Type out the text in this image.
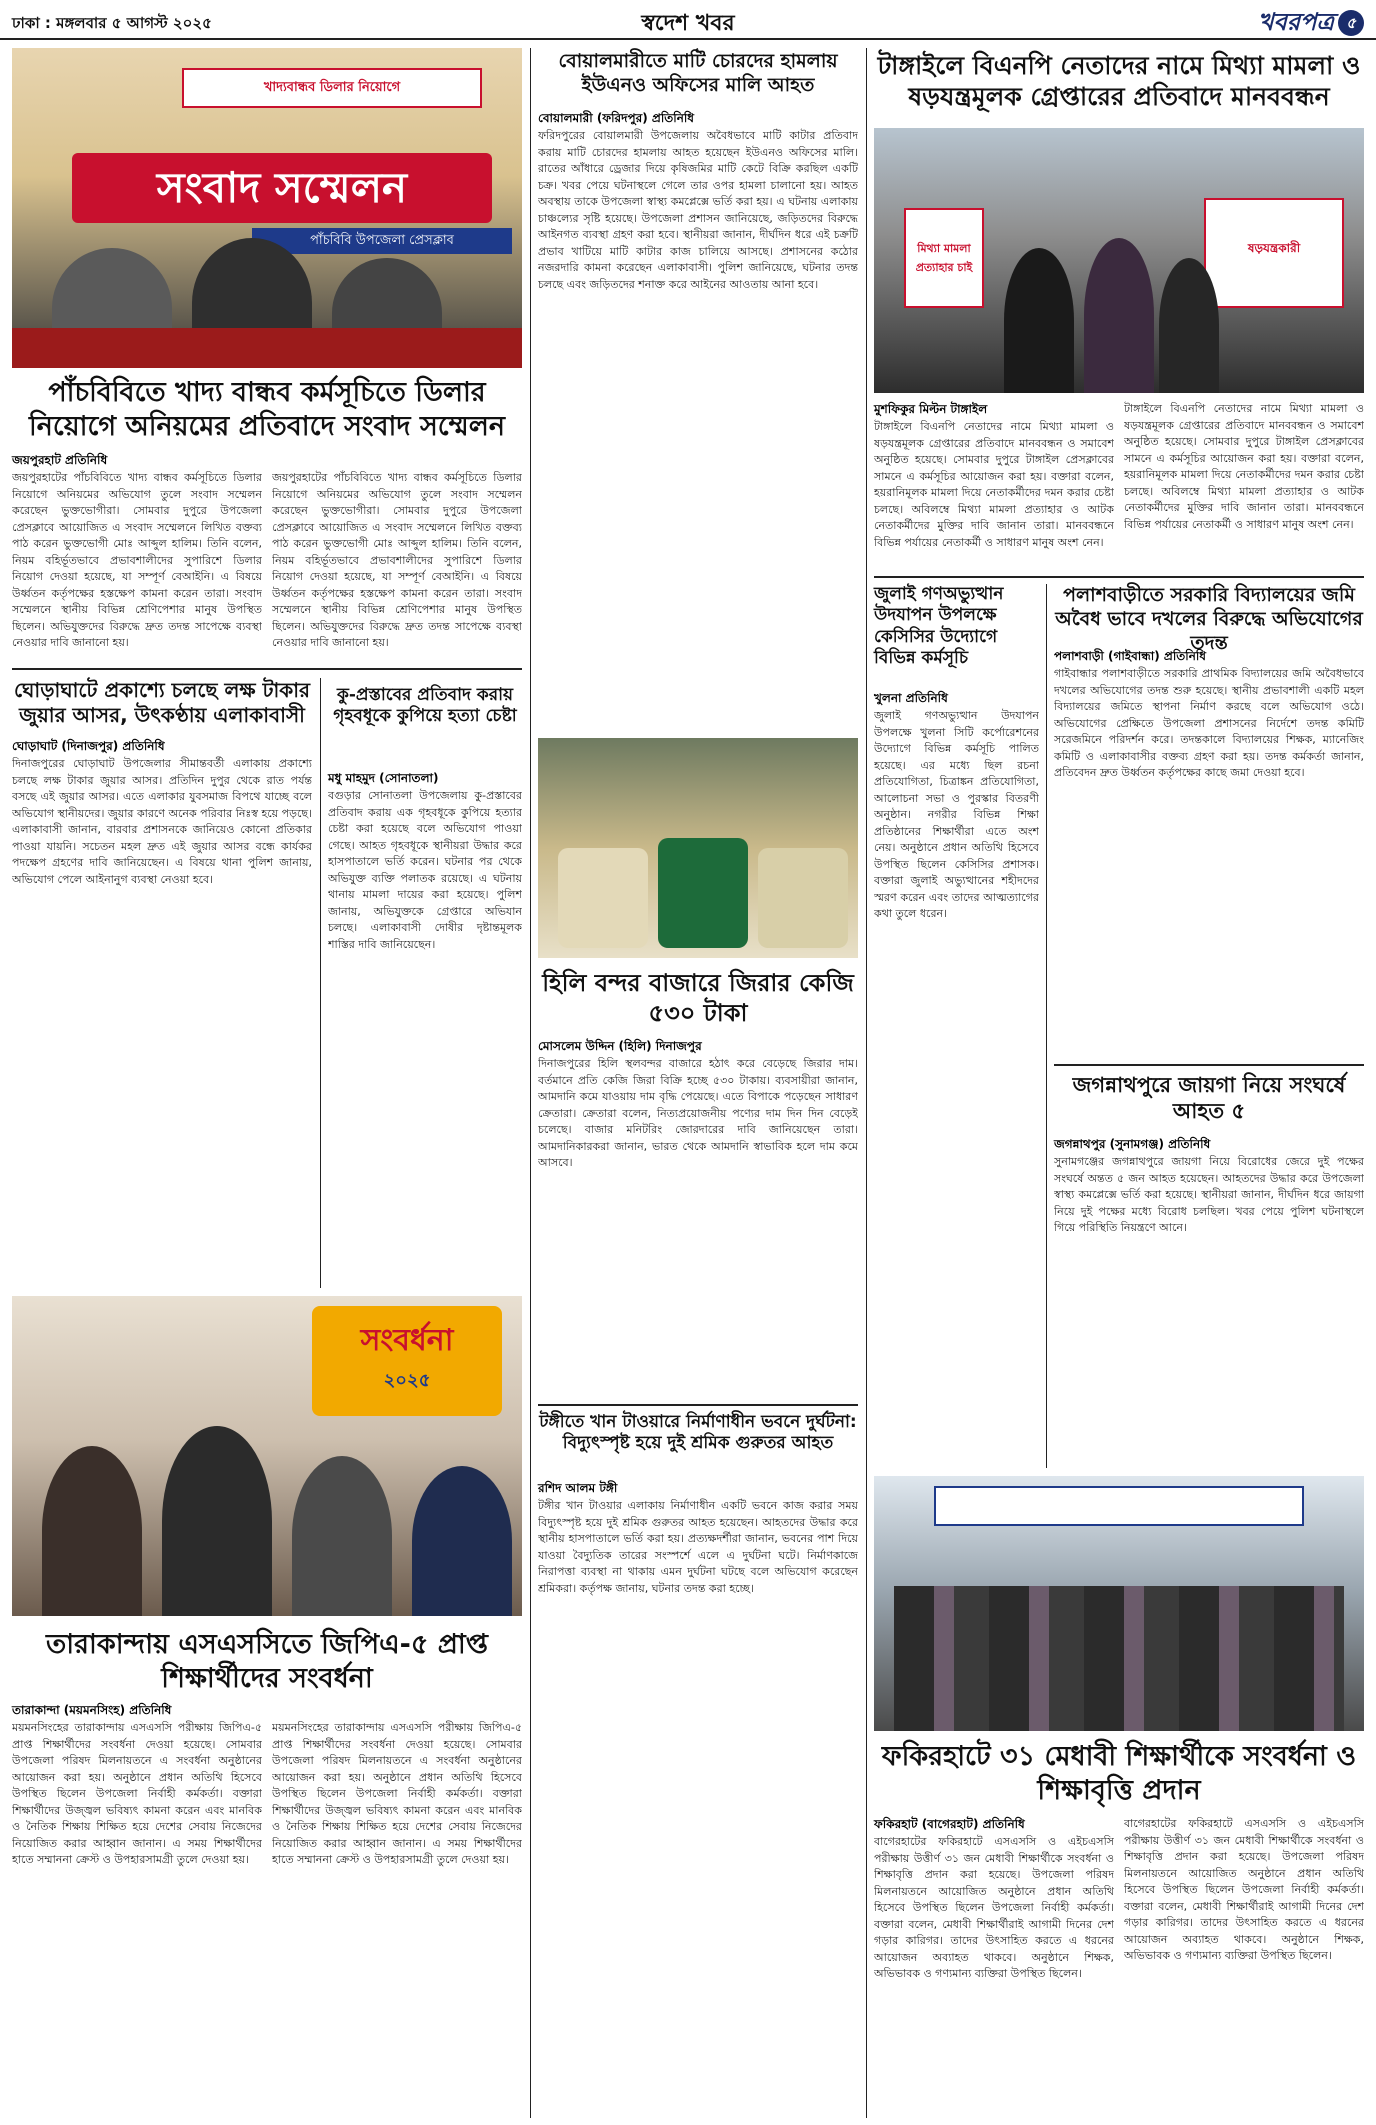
ঢাকা : মঙ্গলবার ৫ আগস্ট ২০২৫	স্বদেশ খবর	খবরপত্র ৫
খাদ্যবান্ধব ডিলার নিয়োগে
সংবাদ সম্মেলন
পাঁচবিবি উপজেলা প্রেসক্লাব
পাঁচবিবিতে খাদ্য বান্ধব কর্মসূচিতে ডিলার নিয়োগে অনিয়মের প্রতিবাদে সংবাদ সম্মেলন
জয়পুরহাট প্রতিনিধি
জয়পুরহাটের পাঁচবিবিতে খাদ্য বান্ধব কর্মসূচিতে ডিলার নিয়োগে অনিয়মের অভিযোগ তুলে সংবাদ সম্মেলন করেছেন ভুক্তভোগীরা। সোমবার দুপুরে উপজেলা প্রেসক্লাবে আয়োজিত এ সংবাদ সম্মেলনে লিখিত বক্তব্য পাঠ করেন ভুক্তভোগী মোঃ আব্দুল হালিম। তিনি বলেন, নিয়ম বহির্ভূতভাবে প্রভাবশালীদের সুপারিশে ডিলার নিয়োগ দেওয়া হয়েছে, যা সম্পূর্ণ বেআইনি। এ বিষয়ে উর্ধ্বতন কর্তৃপক্ষের হস্তক্ষেপ কামনা করেন তারা। সংবাদ সম্মেলনে স্থানীয় বিভিন্ন শ্রেণিপেশার মানুষ উপস্থিত ছিলেন। অভিযুক্তদের বিরুদ্ধে দ্রুত তদন্ত সাপেক্ষে ব্যবস্থা নেওয়ার দাবি জানানো হয়।
জয়পুরহাটের পাঁচবিবিতে খাদ্য বান্ধব কর্মসূচিতে ডিলার নিয়োগে অনিয়মের অভিযোগ তুলে সংবাদ সম্মেলন করেছেন ভুক্তভোগীরা। সোমবার দুপুরে উপজেলা প্রেসক্লাবে আয়োজিত এ সংবাদ সম্মেলনে লিখিত বক্তব্য পাঠ করেন ভুক্তভোগী মোঃ আব্দুল হালিম। তিনি বলেন, নিয়ম বহির্ভূতভাবে প্রভাবশালীদের সুপারিশে ডিলার নিয়োগ দেওয়া হয়েছে, যা সম্পূর্ণ বেআইনি। এ বিষয়ে উর্ধ্বতন কর্তৃপক্ষের হস্তক্ষেপ কামনা করেন তারা। সংবাদ সম্মেলনে স্থানীয় বিভিন্ন শ্রেণিপেশার মানুষ উপস্থিত ছিলেন। অভিযুক্তদের বিরুদ্ধে দ্রুত তদন্ত সাপেক্ষে ব্যবস্থা নেওয়ার দাবি জানানো হয়।
ঘোড়াঘাটে প্রকাশ্যে চলছে লক্ষ টাকার জুয়ার আসর, উৎকণ্ঠায় এলাকাবাসী
ঘোড়াঘাট (দিনাজপুর) প্রতিনিধি
দিনাজপুরের ঘোড়াঘাট উপজেলার সীমান্তবর্তী এলাকায় প্রকাশ্যে চলছে লক্ষ টাকার জুয়ার আসর। প্রতিদিন দুপুর থেকে রাত পর্যন্ত বসছে এই জুয়ার আসর। এতে এলাকার যুবসমাজ বিপথে যাচ্ছে বলে অভিযোগ স্থানীয়দের। জুয়ার কারণে অনেক পরিবার নিঃস্ব হয়ে পড়ছে। এলাকাবাসী জানান, বারবার প্রশাসনকে জানিয়েও কোনো প্রতিকার পাওয়া যায়নি। সচেতন মহল দ্রুত এই জুয়ার আসর বন্ধে কার্যকর পদক্ষেপ গ্রহণের দাবি জানিয়েছেন। এ বিষয়ে থানা পুলিশ জানায়, অভিযোগ পেলে আইনানুগ ব্যবস্থা নেওয়া হবে।
কু-প্রস্তাবের প্রতিবাদ করায় গৃহবধূকে কুপিয়ে হত্যা চেষ্টা
মধু মাহমুদ (সোনাতলা)
বগুড়ার সোনাতলা উপজেলায় কু-প্রস্তাবের প্রতিবাদ করায় এক গৃহবধূকে কুপিয়ে হত্যার চেষ্টা করা হয়েছে বলে অভিযোগ পাওয়া গেছে। আহত গৃহবধূকে স্থানীয়রা উদ্ধার করে হাসপাতালে ভর্তি করেন। ঘটনার পর থেকে অভিযুক্ত ব্যক্তি পলাতক রয়েছে। এ ঘটনায় থানায় মামলা দায়ের করা হয়েছে। পুলিশ জানায়, অভিযুক্তকে গ্রেপ্তারে অভিযান চলছে। এলাকাবাসী দোষীর দৃষ্টান্তমূলক শাস্তির দাবি জানিয়েছেন।
সংবর্ধনা
২০২৫
তারাকান্দায় এসএসসিতে জিপিএ-৫ প্রাপ্ত শিক্ষার্থীদের সংবর্ধনা
তারাকান্দা (ময়মনসিংহ) প্রতিনিধি
ময়মনসিংহের তারাকান্দায় এসএসসি পরীক্ষায় জিপিএ-৫ প্রাপ্ত শিক্ষার্থীদের সংবর্ধনা দেওয়া হয়েছে। সোমবার উপজেলা পরিষদ মিলনায়তনে এ সংবর্ধনা অনুষ্ঠানের আয়োজন করা হয়। অনুষ্ঠানে প্রধান অতিথি হিসেবে উপস্থিত ছিলেন উপজেলা নির্বাহী কর্মকর্তা। বক্তারা শিক্ষার্থীদের উজ্জ্বল ভবিষ্যৎ কামনা করেন এবং মানবিক ও নৈতিক শিক্ষায় শিক্ষিত হয়ে দেশের সেবায় নিজেদের নিয়োজিত করার আহ্বান জানান। এ সময় শিক্ষার্থীদের হাতে সম্মাননা ক্রেস্ট ও উপহারসামগ্রী তুলে দেওয়া হয়।
ময়মনসিংহের তারাকান্দায় এসএসসি পরীক্ষায় জিপিএ-৫ প্রাপ্ত শিক্ষার্থীদের সংবর্ধনা দেওয়া হয়েছে। সোমবার উপজেলা পরিষদ মিলনায়তনে এ সংবর্ধনা অনুষ্ঠানের আয়োজন করা হয়। অনুষ্ঠানে প্রধান অতিথি হিসেবে উপস্থিত ছিলেন উপজেলা নির্বাহী কর্মকর্তা। বক্তারা শিক্ষার্থীদের উজ্জ্বল ভবিষ্যৎ কামনা করেন এবং মানবিক ও নৈতিক শিক্ষায় শিক্ষিত হয়ে দেশের সেবায় নিজেদের নিয়োজিত করার আহ্বান জানান। এ সময় শিক্ষার্থীদের হাতে সম্মাননা ক্রেস্ট ও উপহারসামগ্রী তুলে দেওয়া হয়।
বোয়ালমারীতে মাটি চোরদের হামলায় ইউএনও অফিসের মালি আহত
বোয়ালমারী (ফরিদপুর) প্রতিনিধি
ফরিদপুরের বোয়ালমারী উপজেলায় অবৈধভাবে মাটি কাটার প্রতিবাদ করায় মাটি চোরদের হামলায় আহত হয়েছেন ইউএনও অফিসের মালি। রাতের আঁধারে ড্রেজার দিয়ে কৃষিজমির মাটি কেটে বিক্রি করছিল একটি চক্র। খবর পেয়ে ঘটনাস্থলে গেলে তার ওপর হামলা চালানো হয়। আহত অবস্থায় তাকে উপজেলা স্বাস্থ্য কমপ্লেক্সে ভর্তি করা হয়। এ ঘটনায় এলাকায় চাঞ্চল্যের সৃষ্টি হয়েছে। উপজেলা প্রশাসন জানিয়েছে, জড়িতদের বিরুদ্ধে আইনগত ব্যবস্থা গ্রহণ করা হবে। স্থানীয়রা জানান, দীর্ঘদিন ধরে এই চক্রটি প্রভাব খাটিয়ে মাটি কাটার কাজ চালিয়ে আসছে। প্রশাসনের কঠোর নজরদারি কামনা করেছেন এলাকাবাসী। পুলিশ জানিয়েছে, ঘটনার তদন্ত চলছে এবং জড়িতদের শনাক্ত করে আইনের আওতায় আনা হবে।
হিলি বন্দর বাজারে জিরার কেজি ৫৩০ টাকা
মোসলেম উদ্দিন (হিলি) দিনাজপুর
দিনাজপুরের হিলি স্থলবন্দর বাজারে হঠাৎ করে বেড়েছে জিরার দাম। বর্তমানে প্রতি কেজি জিরা বিক্রি হচ্ছে ৫৩০ টাকায়। ব্যবসায়ীরা জানান, আমদানি কমে যাওয়ায় দাম বৃদ্ধি পেয়েছে। এতে বিপাকে পড়েছেন সাধারণ ক্রেতারা। ক্রেতারা বলেন, নিত্যপ্রয়োজনীয় পণ্যের দাম দিন দিন বেড়েই চলেছে। বাজার মনিটরিং জোরদারের দাবি জানিয়েছেন তারা। আমদানিকারকরা জানান, ভারত থেকে আমদানি স্বাভাবিক হলে দাম কমে আসবে।
টঙ্গীতে খান টাওয়ারে নির্মাণাধীন ভবনে দুর্ঘটনা: বিদ্যুৎস্পৃষ্ট হয়ে দুই শ্রমিক গুরুতর আহত
রশিদ আলম টঙ্গী
টঙ্গীর খান টাওয়ার এলাকায় নির্মাণাধীন একটি ভবনে কাজ করার সময় বিদ্যুৎস্পৃষ্ট হয়ে দুই শ্রমিক গুরুতর আহত হয়েছেন। আহতদের উদ্ধার করে স্থানীয় হাসপাতালে ভর্তি করা হয়। প্রত্যক্ষদর্শীরা জানান, ভবনের পাশ দিয়ে যাওয়া বৈদ্যুতিক তারের সংস্পর্শে এলে এ দুর্ঘটনা ঘটে। নির্মাণকাজে নিরাপত্তা ব্যবস্থা না থাকায় এমন দুর্ঘটনা ঘটছে বলে অভিযোগ করেছেন শ্রমিকরা। কর্তৃপক্ষ জানায়, ঘটনার তদন্ত করা হচ্ছে।
টাঙ্গাইলে বিএনপি নেতাদের নামে মিথ্যা মামলা ও ষড়যন্ত্রমূলক গ্রেপ্তারের প্রতিবাদে মানববন্ধন
মিথ্যা মামলা প্রত্যাহার চাই
ষড়যন্ত্রকারী
মুশফিকুর মিল্টন টাঙ্গাইল
টাঙ্গাইলে বিএনপি নেতাদের নামে মিথ্যা মামলা ও ষড়যন্ত্রমূলক গ্রেপ্তারের প্রতিবাদে মানববন্ধন ও সমাবেশ অনুষ্ঠিত হয়েছে। সোমবার দুপুরে টাঙ্গাইল প্রেসক্লাবের সামনে এ কর্মসূচির আয়োজন করা হয়। বক্তারা বলেন, হয়রানিমূলক মামলা দিয়ে নেতাকর্মীদের দমন করার চেষ্টা চলছে। অবিলম্বে মিথ্যা মামলা প্রত্যাহার ও আটক নেতাকর্মীদের মুক্তির দাবি জানান তারা। মানববন্ধনে বিভিন্ন পর্যায়ের নেতাকর্মী ও সাধারণ মানুষ অংশ নেন।
টাঙ্গাইলে বিএনপি নেতাদের নামে মিথ্যা মামলা ও ষড়যন্ত্রমূলক গ্রেপ্তারের প্রতিবাদে মানববন্ধন ও সমাবেশ অনুষ্ঠিত হয়েছে। সোমবার দুপুরে টাঙ্গাইল প্রেসক্লাবের সামনে এ কর্মসূচির আয়োজন করা হয়। বক্তারা বলেন, হয়রানিমূলক মামলা দিয়ে নেতাকর্মীদের দমন করার চেষ্টা চলছে। অবিলম্বে মিথ্যা মামলা প্রত্যাহার ও আটক নেতাকর্মীদের মুক্তির দাবি জানান তারা। মানববন্ধনে বিভিন্ন পর্যায়ের নেতাকর্মী ও সাধারণ মানুষ অংশ নেন।
জুলাই গণঅভ্যুত্থান উদযাপন উপলক্ষে কেসিসির উদ্যোগে বিভিন্ন কর্মসূচি
খুলনা প্রতিনিধি
জুলাই গণঅভ্যুত্থান উদযাপন উপলক্ষে খুলনা সিটি কর্পোরেশনের উদ্যোগে বিভিন্ন কর্মসূচি পালিত হয়েছে। এর মধ্যে ছিল রচনা প্রতিযোগিতা, চিত্রাঙ্কন প্রতিযোগিতা, আলোচনা সভা ও পুরস্কার বিতরণী অনুষ্ঠান। নগরীর বিভিন্ন শিক্ষা প্রতিষ্ঠানের শিক্ষার্থীরা এতে অংশ নেয়। অনুষ্ঠানে প্রধান অতিথি হিসেবে উপস্থিত ছিলেন কেসিসির প্রশাসক। বক্তারা জুলাই অভ্যুত্থানের শহীদদের স্মরণ করেন এবং তাদের আত্মত্যাগের কথা তুলে ধরেন।
পলাশবাড়ীতে সরকারি বিদ্যালয়ের জমি অবৈধ ভাবে দখলের বিরুদ্ধে অভিযোগের তদন্ত
পলাশবাড়ী (গাইবান্ধা) প্রতিনিধি
গাইবান্ধার পলাশবাড়ীতে সরকারি প্রাথমিক বিদ্যালয়ের জমি অবৈধভাবে দখলের অভিযোগের তদন্ত শুরু হয়েছে। স্থানীয় প্রভাবশালী একটি মহল বিদ্যালয়ের জমিতে স্থাপনা নির্মাণ করছে বলে অভিযোগ ওঠে। অভিযোগের প্রেক্ষিতে উপজেলা প্রশাসনের নির্দেশে তদন্ত কমিটি সরেজমিনে পরিদর্শন করে। তদন্তকালে বিদ্যালয়ের শিক্ষক, ম্যানেজিং কমিটি ও এলাকাবাসীর বক্তব্য গ্রহণ করা হয়। তদন্ত কর্মকর্তা জানান, প্রতিবেদন দ্রুত উর্ধ্বতন কর্তৃপক্ষের কাছে জমা দেওয়া হবে।
জগন্নাথপুরে জায়গা নিয়ে সংঘর্ষে আহত ৫
জগন্নাথপুর (সুনামগঞ্জ) প্রতিনিধি
সুনামগঞ্জের জগন্নাথপুরে জায়গা নিয়ে বিরোধের জেরে দুই পক্ষের সংঘর্ষে অন্তত ৫ জন আহত হয়েছেন। আহতদের উদ্ধার করে উপজেলা স্বাস্থ্য কমপ্লেক্সে ভর্তি করা হয়েছে। স্থানীয়রা জানান, দীর্ঘদিন ধরে জায়গা নিয়ে দুই পক্ষের মধ্যে বিরোধ চলছিল। খবর পেয়ে পুলিশ ঘটনাস্থলে গিয়ে পরিস্থিতি নিয়ন্ত্রণে আনে।
ফকিরহাটে ৩১ মেধাবী শিক্ষার্থীকে সংবর্ধনা ও শিক্ষাবৃত্তি প্রদান
ফকিরহাট (বাগেরহাট) প্রতিনিধি
বাগেরহাটের ফকিরহাটে এসএসসি ও এইচএসসি পরীক্ষায় উত্তীর্ণ ৩১ জন মেধাবী শিক্ষার্থীকে সংবর্ধনা ও শিক্ষাবৃত্তি প্রদান করা হয়েছে। উপজেলা পরিষদ মিলনায়তনে আয়োজিত অনুষ্ঠানে প্রধান অতিথি হিসেবে উপস্থিত ছিলেন উপজেলা নির্বাহী কর্মকর্তা। বক্তারা বলেন, মেধাবী শিক্ষার্থীরাই আগামী দিনের দেশ গড়ার কারিগর। তাদের উৎসাহিত করতে এ ধরনের আয়োজন অব্যাহত থাকবে। অনুষ্ঠানে শিক্ষক, অভিভাবক ও গণ্যমান্য ব্যক্তিরা উপস্থিত ছিলেন।
বাগেরহাটের ফকিরহাটে এসএসসি ও এইচএসসি পরীক্ষায় উত্তীর্ণ ৩১ জন মেধাবী শিক্ষার্থীকে সংবর্ধনা ও শিক্ষাবৃত্তি প্রদান করা হয়েছে। উপজেলা পরিষদ মিলনায়তনে আয়োজিত অনুষ্ঠানে প্রধান অতিথি হিসেবে উপস্থিত ছিলেন উপজেলা নির্বাহী কর্মকর্তা। বক্তারা বলেন, মেধাবী শিক্ষার্থীরাই আগামী দিনের দেশ গড়ার কারিগর। তাদের উৎসাহিত করতে এ ধরনের আয়োজন অব্যাহত থাকবে। অনুষ্ঠানে শিক্ষক, অভিভাবক ও গণ্যমান্য ব্যক্তিরা উপস্থিত ছিলেন।
